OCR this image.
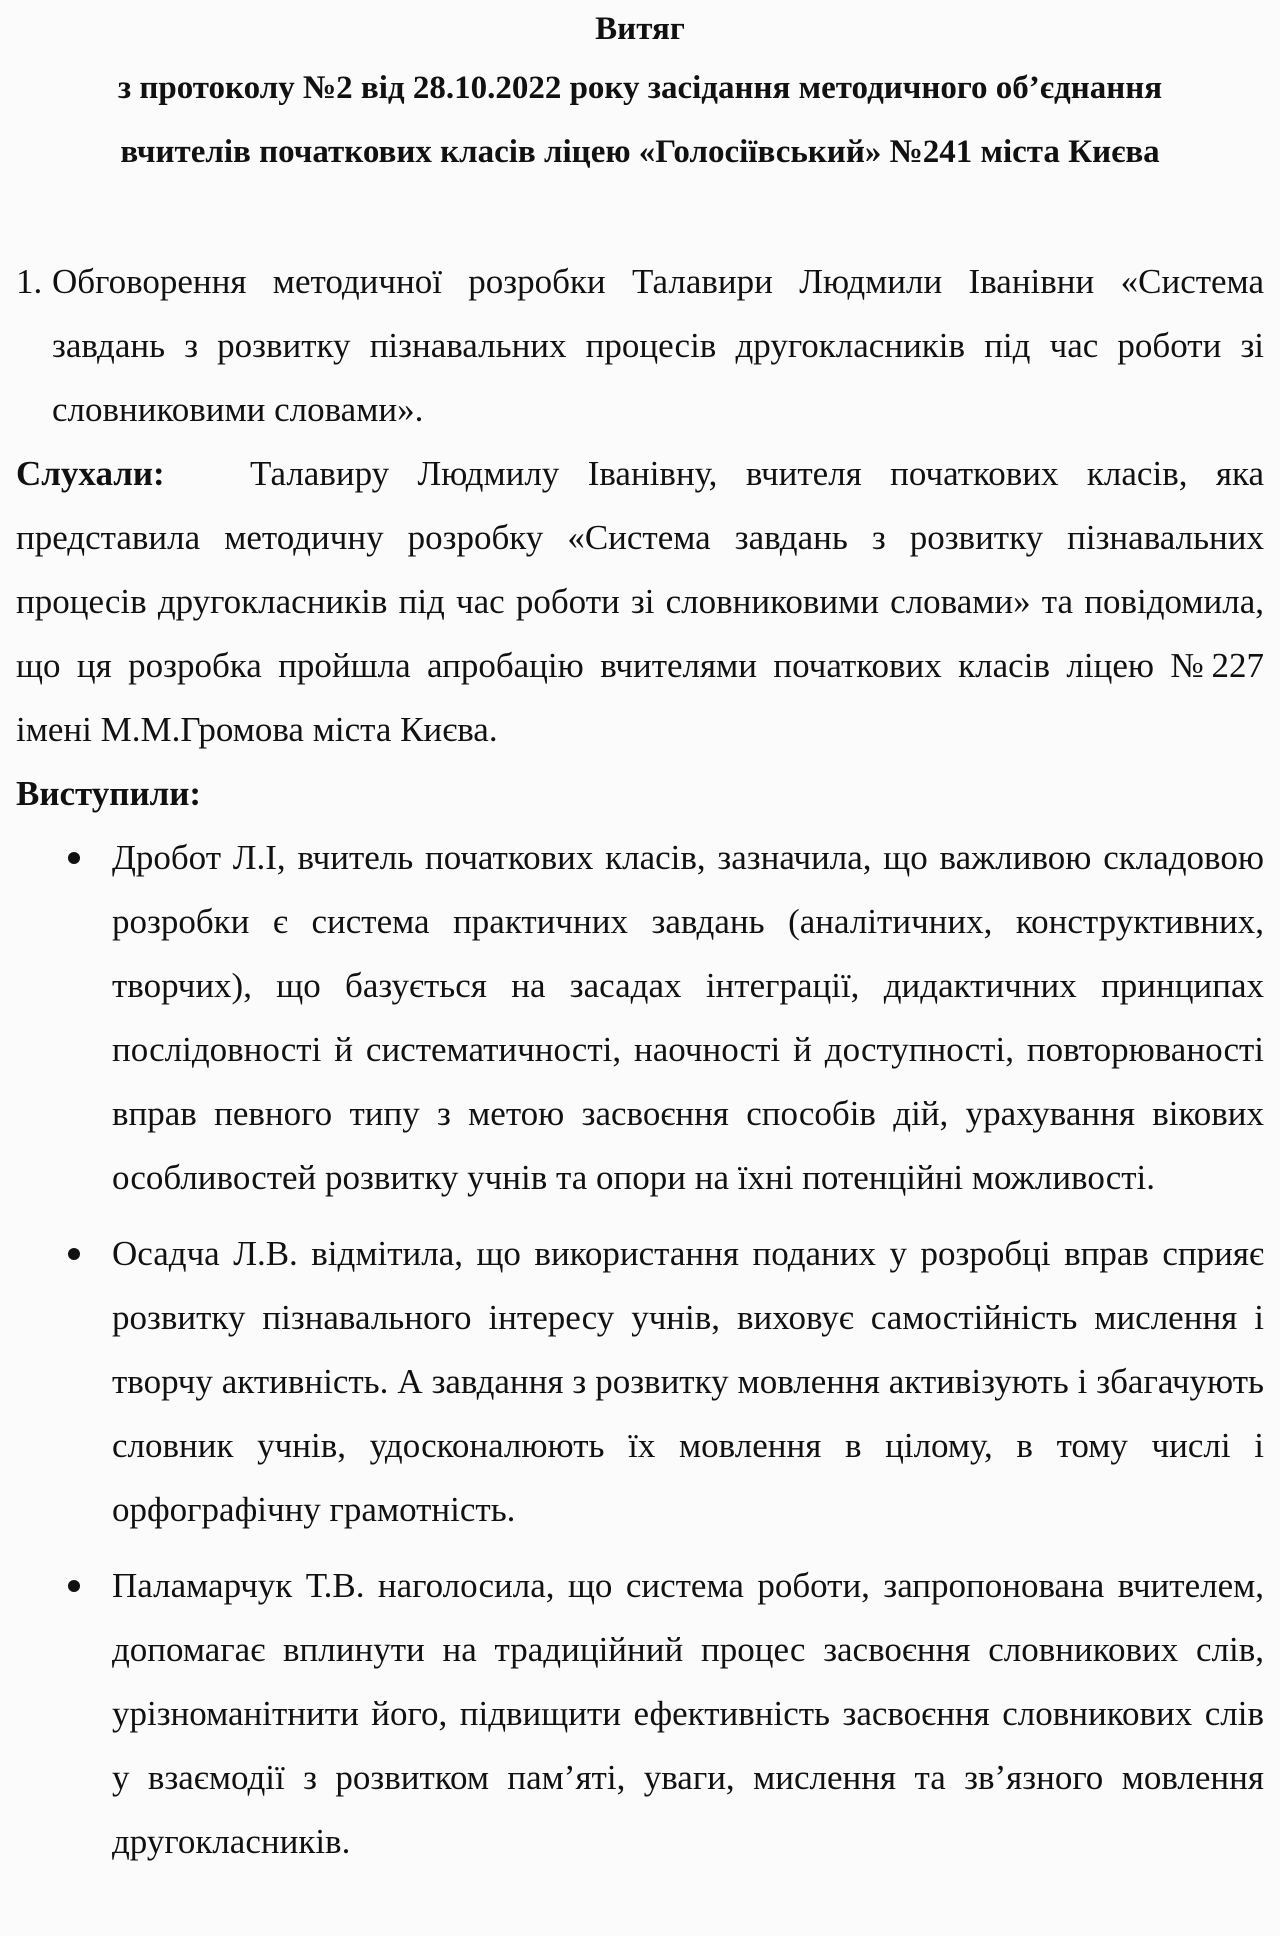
Витяг
з протоколу №2 від 28.10.2022 року засідання методичного об’єднання
вчителів початкових класів ліцею «Голосіївський» №241 міста Києва
1. Обговорення методичної розробки Талавири Людмили Іванівни «Система завдань з розвитку пізнавальних процесів другокласників під час роботи зі словниковими словами».
Слухали: Талавиру Людмилу Іванівну, вчителя початкових класів, яка представила методичну розробку «Система завдань з розвитку пізнавальних процесів другокласників під час роботи зі словниковими словами» та повідомила, що ця розробка пройшла апробацію вчителями початкових класів ліцею №227 імені М.М.Громова міста Києва.
Виступили:
Дробот Л.І, вчитель початкових класів, зазначила, що важливою складовою розробки є система практичних завдань (аналітичних, конструктивних, творчих), що базується на засадах інтеграції, дидактичних принципах послідовності й систематичності, наочності й доступності, повторюваності вправ певного типу з метою засвоєння способів дій, урахування вікових особливостей розвитку учнів та опори на їхні потенційні можливості.
Осадча Л.В. відмітила, що використання поданих у розробці вправ сприяє розвитку пізнавального інтересу учнів, виховує самостійність мислення і творчу активність. А завдання з розвитку мовлення активізують і збагачують словник учнів, удосконалюють їх мовлення в цілому, в тому числі і орфографічну грамотність.
Паламарчук Т.В. наголосила, що система роботи, запропонована вчителем, допомагає вплинути на традиційний процес засвоєння словникових слів, урізноманітнити його, підвищити ефективність засвоєння словникових слів у взаємодії з розвитком пам’яті, уваги, мислення та зв’язного мовлення другокласників.
